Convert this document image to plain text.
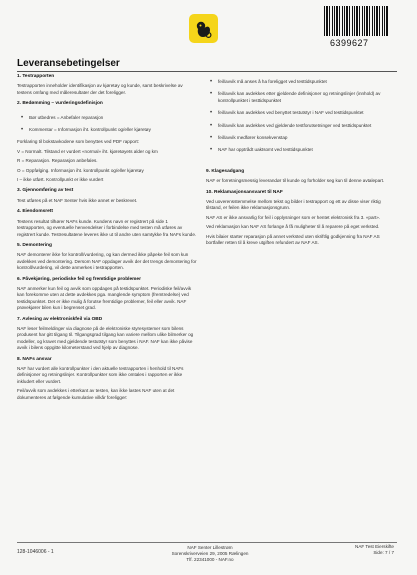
6399627
Leveransebetingelser
1. Testrapporten

Testrapporten inneholder identifikasjon av kjøretøy og kunde, samt beskrivelse av testens omfang med måleresultater der det foreligger.

2. Bedømming – vurderingsdefinisjon
• Bør utbedres = Anbefaler reparasjon
• Kommentar = Informasjon iht. kontrollpunkt og/eller kjøretøy

Forklaring til bokstavkodene som benyttes ved PDF rapport:

V = Normalt. Tilstand er vurdert «normal» iht. kjøretøyets alder og km

R = Reparasjon. Reparasjon anbefales.

O = Oppfølging. Informasjon iht. kontrollpunkt og/eller kjøretøy

I – ikke utført. Kontrollpunkt er ikke vurdert

3. Gjennomføring av test

Test utføres på et NAF Senter hvis ikke annet er beskrevet.

4. Eiendomsrett

Testens resultat tilhører NAFs kunde. Kundens navn er registrert på side 1 testrapporten, og eventuelle henvendelser i forbindelse med testen må utføres av registrert kunde. Testresultatene leveres ikke ut til andre uten samtykke fra NAFs kunde.

5. Demontering

NAF demonterer ikke for kontroll/vurdering, og kan dermed ikke påpeke feil som kun avdekkes ved demontering. Dersom NAF oppdager avvik der det trengs demontering for kontroll/vurdering, vil dette anmerkes i testrapporten.

6. Påvekjøring, periodiske feil og fremtidige problemer

NAF anmerker kun feil og avvik som oppdages på testidspunktet. Periodiske feil/avvik kan forekomme uten at dette avdekkes pga. manglende symptom (fremtredelse) ved testidspunktet. Det er ikke mulig å forutse fremtidige problemer, feil eller avvik. NAF prøvekjører bilen kun i begrenset grad.

7. Avlesing av elektroniskfeil via OBD

NAF leser feilmeldinger via diagnose på de elektroniske styresystemer som bilens produsent har gitt tilgang til. Tilgangsgrad tilgang kan variere mellom ulike bilmerker og modeller, og kravet med gjeldende testutstyr som benyttes i NAF. NAF kan ikke påvise avvik i bilens oppgitte kilometerstand ved hjelp av diagnose.

8. NAFs ansvar

NAF har vurdert alle kontrollpunkter i den aktuelle testrapporten i henhold til NAFs definisjoner og retningslinjer. Kontrollpunkter som ikke omtales i rapporten er ikke inkludert eller vurdert.

Feil/avvik som avdekkes i etterkant av testen, kan ikke lastes NAF uten at det dokumenteres at følgende kumulative vilkår foreligger:

• feil/avvik må anses å ha foreligget ved testtidspunktet
• feil/avvik kan avdekkes etter gjeldende definisjoner og retningslinjer (innhold) av kontrollpunktet i testtidspunktet
• feil/avvik kan avdekkes ved benyttet testutstyr i NAF ved testtidspunktet
• feil/avvik kan avdekkes ved gjeldende testforutsetninger ved testtidspunktet
• feil/avvik medfører konsekvenstap
• NAF har opptrådt uaktsomt ved testtidspunktet
9. Klagesadgang

NAF er forretningsmessig leverandør til kunde og forholder seg kun til denne avtalepart.

10. Reklamasjonsansvaret til NAF

Ved uoverensstemmelse mellom tekst og bilder i testrapport og ett av disse viser riktig tilstand, er feilen ikke reklamasjonsgrunn.

NAF AS er ikke ansvarlig for feil i opplysninger som er hentet elektronisk fra 3. «part».

Ved reklamasjon kan NAF AS forlange å få muligheter til å reparere på eget verksted.

Hvis bilaier starter reparasjon på annet verksted uten skriftlig godkjenning fra NAF AS bortfaller retten til å kreve utgiften refundert av NAF AS.

128-1046006 - 1
NAF Senter Lillestrøm
Sorenskriverveien 29, 2005 Rælingen
Tlf. 22341000 - NAF.no
NAF Test Eierskifte
Side: 7 / 7
